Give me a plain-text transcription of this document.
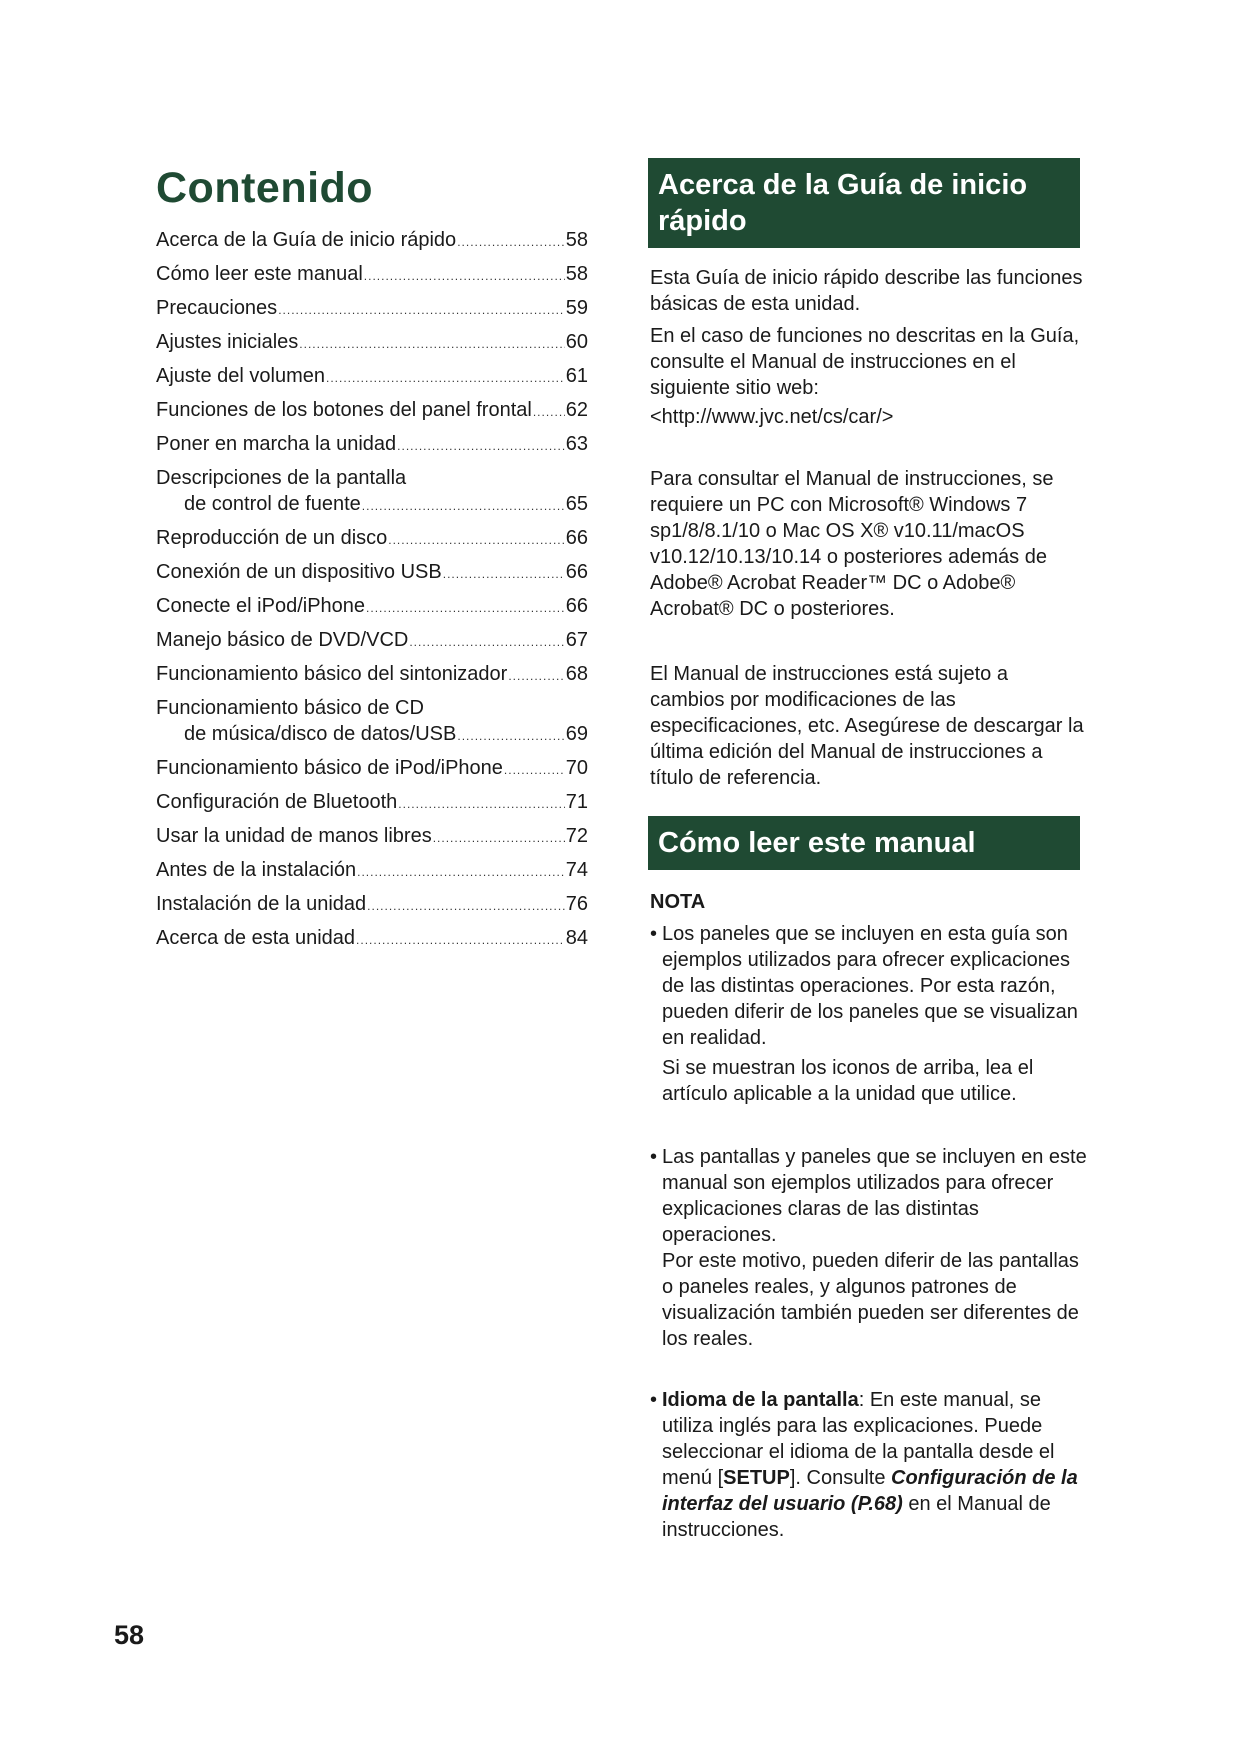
Contenido
Acerca de la Guía de inicio rápido .....	58
Cómo leer este manual .....	58
Precauciones .....	59
Ajustes iniciales .....	60
Ajuste del volumen .....	61
Funciones de los botones del panel frontal ..... 62
Poner en marcha la unidad .....	63
Descripciones de la pantalla
de control de fuente .....	65
Reproducción de un disco .....	66
Conexión de un dispositivo USB .....	66
Conecte el iPod/iPhone .....	66
Manejo básico de DVD/VCD .....	67
Funcionamiento básico del sintonizador .....	68
Funcionamiento básico de CD
de música/disco de datos/USB .....	69
Funcionamiento básico de iPod/iPhone .....	70
Configuración de Bluetooth .....	71
Usar la unidad de manos libres .....	72
Antes de la instalación .....	74
Instalación de la unidad .....	76
Acerca de esta unidad .....	84
58
Acerca de la Guía de inicio rápido

Esta Guía de inicio rápido describe las funciones básicas de esta unidad.

En el caso de funciones no descritas en la Guía, consulte el Manual de instrucciones en el siguiente sitio web:

<http://www.jvc.net/cs/car/>

Para consultar el Manual de instrucciones, se requiere un PC con Microsoft® Windows 7 sp1/8/8.1/10 o Mac OS X® v10.11/macOS v10.12/10.13/10.14 o posteriores además de Adobe® Acrobat Reader™ DC o Adobe® Acrobat® DC o posteriores.

El Manual de instrucciones está sujeto a cambios por modificaciones de las especificaciones, etc. Asegúrese de descargar la última edición del Manual de instrucciones a título de referencia.

Cómo leer este manual

NOTA

• Los paneles que se incluyen en esta guía son ejemplos utilizados para ofrecer explicaciones de las distintas operaciones. Por esta razón, pueden diferir de los paneles que se visualizan en realidad.

Si se muestran los iconos de arriba, lea el artículo aplicable a la unidad que utilice.

• Las pantallas y paneles que se incluyen en este manual son ejemplos utilizados para ofrecer explicaciones claras de las distintas operaciones.

Por este motivo, pueden diferir de las pantallas o paneles reales, y algunos patrones de visualización también pueden ser diferentes de los reales.

• Idioma de la pantalla: En este manual, se utiliza inglés para las explicaciones. Puede seleccionar el idioma de la pantalla desde el menú [SETUP]. Consulte Configuración de la interfaz del usuario (P.68) en el Manual de instrucciones.
